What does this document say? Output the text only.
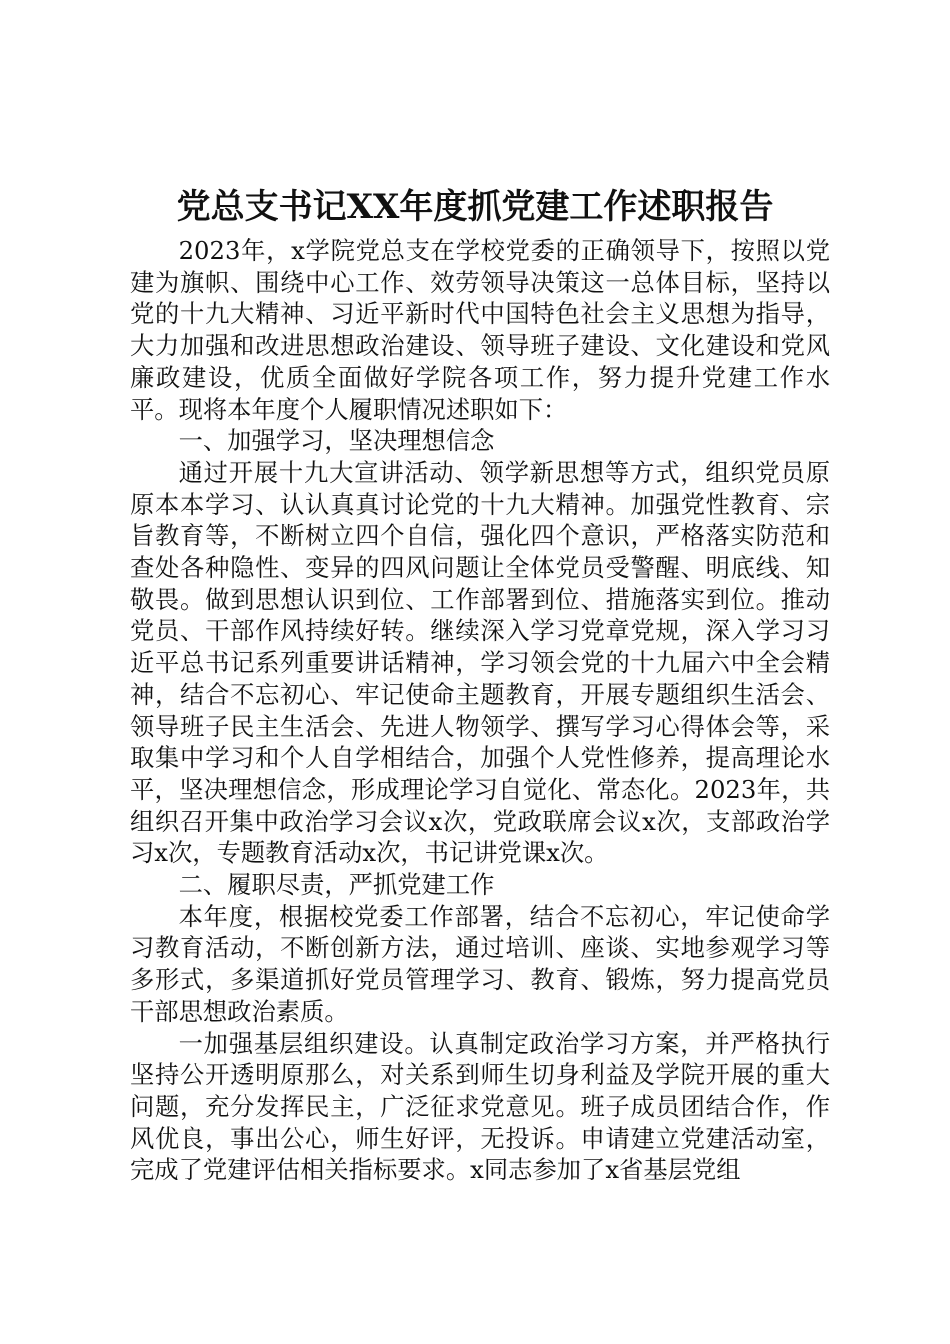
党总支书记XX年度抓党建工作述职报告

2023年，x学院党总支在学校党委的正确领导下，按照以党建为旗帜、围绕中心工作、效劳领导决策这一总体目标，坚持以党的十九大精神、习近平新时代中国特色社会主义思想为指导，大力加强和改进思想政治建设、领导班子建设、文化建设和党风廉政建设，优质全面做好学院各项工作，努力提升党建工作水平。现将本年度个人履职情况述职如下：

一、加强学习，坚决理想信念

通过开展十九大宣讲活动、领学新思想等方式，组织党员原原本本学习、认认真真讨论党的十九大精神。加强党性教育、宗旨教育等，不断树立四个自信，强化四个意识，严格落实防范和查处各种隐性、变异的四风问题让全体党员受警醒、明底线、知敬畏。做到思想认识到位、工作部署到位、措施落实到位。推动党员、干部作风持续好转。继续深入学习党章党规，深入学习习近平总书记系列重要讲话精神，学习领会党的十九届六中全会精神，结合不忘初心、牢记使命主题教育，开展专题组织生活会、领导班子民主生活会、先进人物领学、撰写学习心得体会等，采取集中学习和个人自学相结合，加强个人党性修养，提高理论水平，坚决理想信念，形成理论学习自觉化、常态化。2023年，共组织召开集中政治学习会议x次，党政联席会议x次，支部政治学习x次，专题教育活动x次，书记讲党课x次。

二、履职尽责，严抓党建工作

本年度，根据校党委工作部署，结合不忘初心，牢记使命学习教育活动，不断创新方法，通过培训、座谈、实地参观学习等多形式，多渠道抓好党员管理学习、教育、锻炼，努力提高党员干部思想政治素质。

一加强基层组织建设。认真制定政治学习方案，并严格执行坚持公开透明原那么，对关系到师生切身利益及学院开展的重大问题，充分发挥民主，广泛征求党意见。班子成员团结合作，作风优良，事出公心，师生好评，无投诉。申请建立党建活动室，完成了党建评估相关指标要求。x同志参加了x省基层党组
